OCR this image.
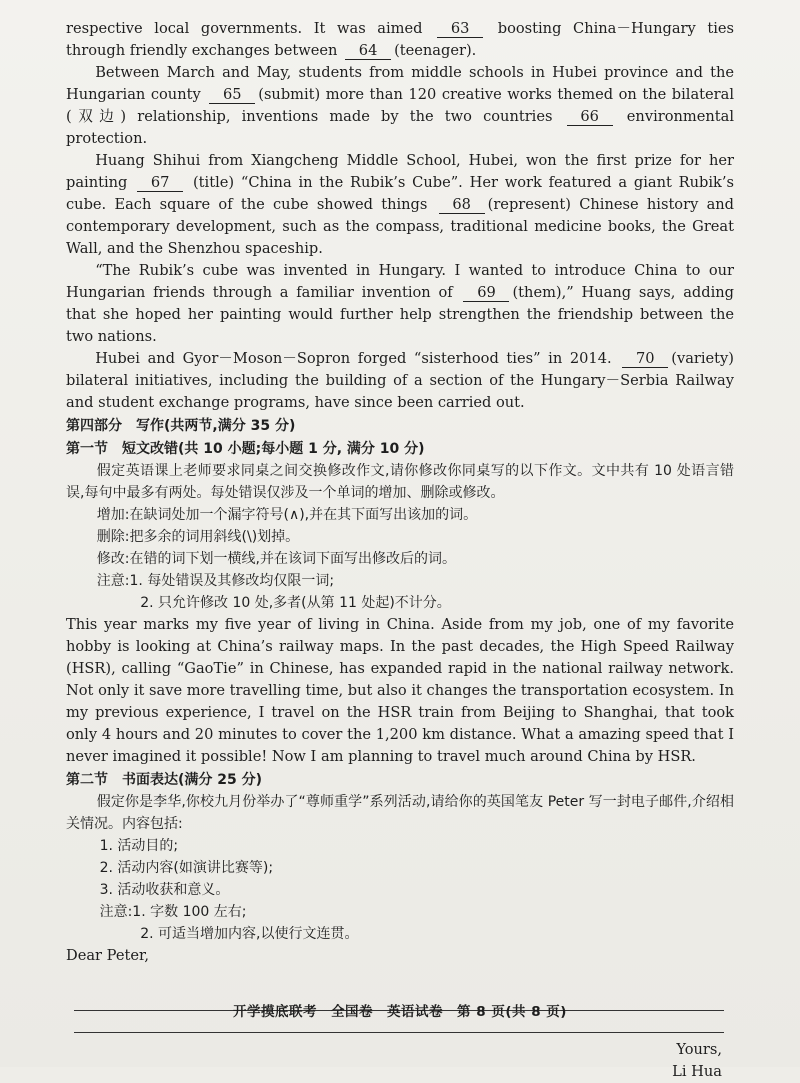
respective local governments. It was aimed 63 boosting China－Hungary ties through friendly exchanges between 64 (teenager).

Between March and May, students from middle schools in Hubei province and the Hungarian county 65 (submit) more than 120 creative works themed on the bilateral (双边) relationship, inventions made by the two countries 66 environmental protection.

Huang Shihui from Xiangcheng Middle School, Hubei, won the first prize for her painting 67 (title) “China in the Rubik’s Cube”. Her work featured a giant Rubik’s cube. Each square of the cube showed things 68 (represent) Chinese history and contemporary development, such as the compass, traditional medicine books, the Great Wall, and the Shenzhou spaceship.

“The Rubik’s cube was invented in Hungary. I wanted to introduce China to our Hungarian friends through a familiar invention of 69 (them),” Huang says, adding that she hoped her painting would further help strengthen the friendship between the two nations.

Hubei and Gyor－Moson－Sopron forged “sisterhood ties” in 2014. 70 (variety) bilateral initiatives, including the building of a section of the Hungary－Serbia Railway and student exchange programs, have since been carried out.

第四部分　写作(共两节,满分 35 分)

第一节　短文改错(共 10 小题;每小题 1 分, 满分 10 分)

假定英语课上老师要求同桌之间交换修改作文,请你修改你同桌写的以下作文。文中共有 10 处语言错误,每句中最多有两处。每处错误仅涉及一个单词的增加、删除或修改。

增加:在缺词处加一个漏字符号(∧),并在其下面写出该加的词。

删除:把多余的词用斜线(\)划掉。

修改:在错的词下划一横线,并在该词下面写出修改后的词。

注意:1. 每处错误及其修改均仅限一词;

2. 只允许修改 10 处,多者(从第 11 处起)不计分。

This year marks my five year of living in China. Aside from my job, one of my favorite hobby is looking at China’s railway maps. In the past decades, the High Speed Railway (HSR), calling “GaoTie” in Chinese, has expanded rapid in the national railway network. Not only it save more travelling time, but also it changes the transportation ecosystem. In my previous experience, I travel on the HSR train from Beijing to Shanghai, that took only 4 hours and 20 minutes to cover the 1,200 km distance. What a amazing speed that I never imagined it possible! Now I am planning to travel much around China by HSR.

第二节　书面表达(满分 25 分)

假定你是李华,你校九月份举办了“尊师重学”系列活动,请给你的英国笔友 Peter 写一封电子邮件,介绍相关情况。内容包括:

1. 活动目的;

2. 活动内容(如演讲比赛等);

3. 活动收获和意义。

注意:1. 字数 100 左右;

2. 可适当增加内容,以使行文连贯。

Dear Peter,

Yours,

Li Hua

开学摸底联考　全国卷　英语试卷　第 8 页(共 8 页)
